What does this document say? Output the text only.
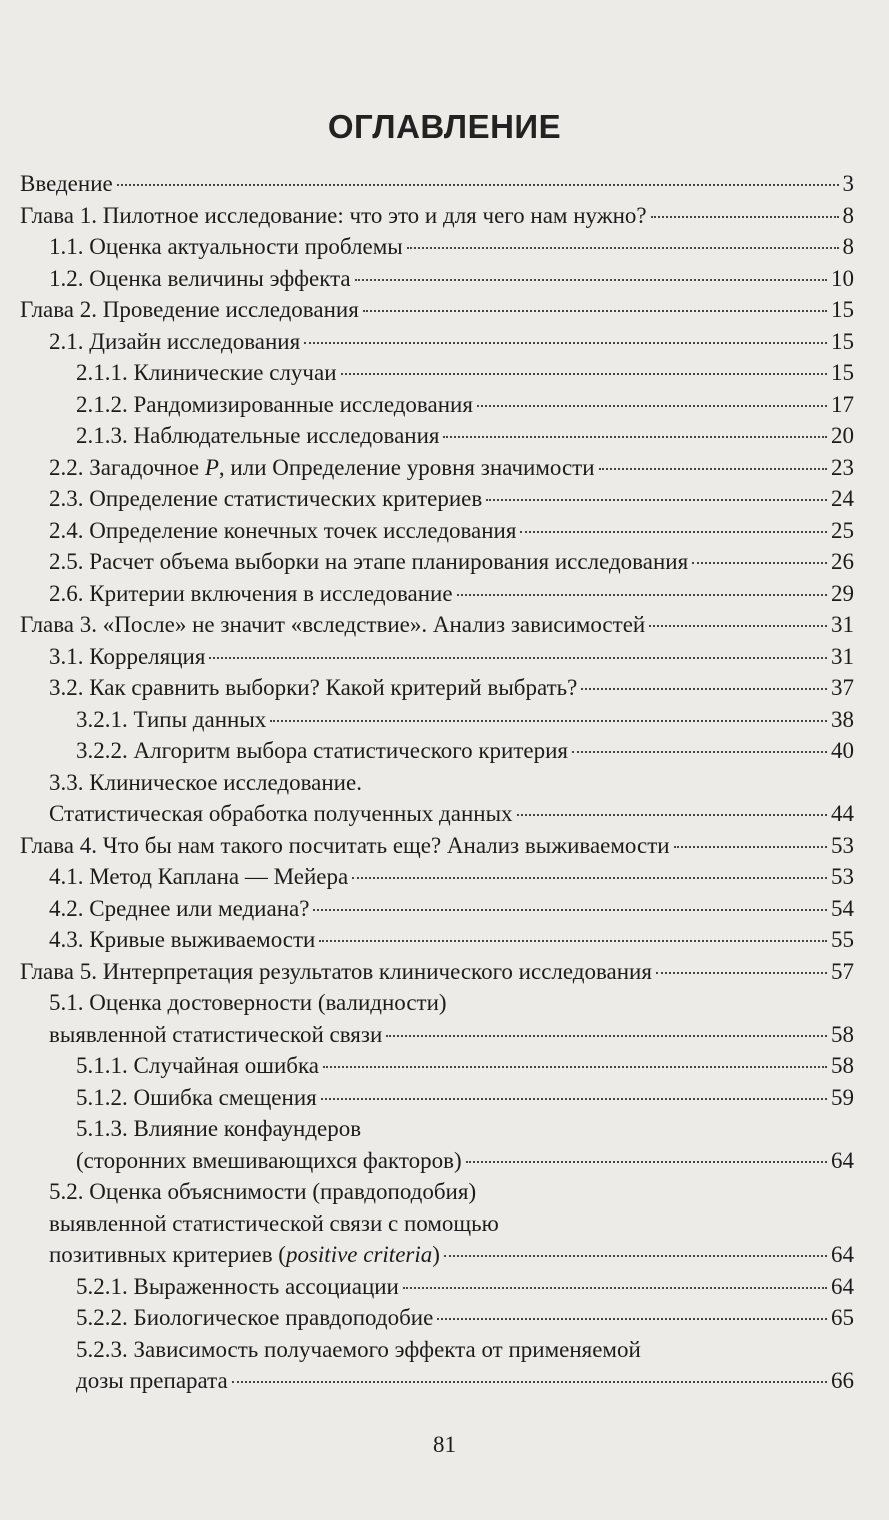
ОГЛАВЛЕНИЕ
Введение	3
Глава 1. Пилотное исследование: что это и для чего нам нужно?	8
1.1. Оценка актуальности проблемы	8
1.2. Оценка величины эффекта	10
Глава 2. Проведение исследования	15
2.1. Дизайн исследования	15
2.1.1. Клинические случаи	15
2.1.2. Рандомизированные исследования	17
2.1.3. Наблюдательные исследования	20
2.2. Загадочное P, или Определение уровня значимости	23
2.3. Определение статистических критериев	24
2.4. Определение конечных точек исследования	25
2.5. Расчет объема выборки на этапе планирования исследования	26
2.6. Критерии включения в исследование	29
Глава 3. «После» не значит «вследствие». Анализ зависимостей	31
3.1. Корреляция	31
3.2. Как сравнить выборки? Какой критерий выбрать?	37
3.2.1. Типы данных	38
3.2.2. Алгоритм выбора статистического критерия	40
3.3. Клиническое исследование.
Статистическая обработка полученных данных	44
Глава 4. Что бы нам такого посчитать еще? Анализ выживаемости	53
4.1. Метод Каплана — Мейера	53
4.2. Среднее или медиана?	54
4.3. Кривые выживаемости	55
Глава 5. Интерпретация результатов клинического исследования	57
5.1. Оценка достоверности (валидности)
выявленной статистической связи	58
5.1.1. Случайная ошибка	58
5.1.2. Ошибка смещения	59
5.1.3. Влияние конфаундеров
(сторонних вмешивающихся факторов)	64
5.2. Оценка объяснимости (правдоподобия)
выявленной статистической связи с помощью
позитивных критериев (positive criteria)	64
5.2.1. Выраженность ассоциации	64
5.2.2. Биологическое правдоподобие	65
5.2.3. Зависимость получаемого эффекта от применяемой
дозы препарата	66
81
